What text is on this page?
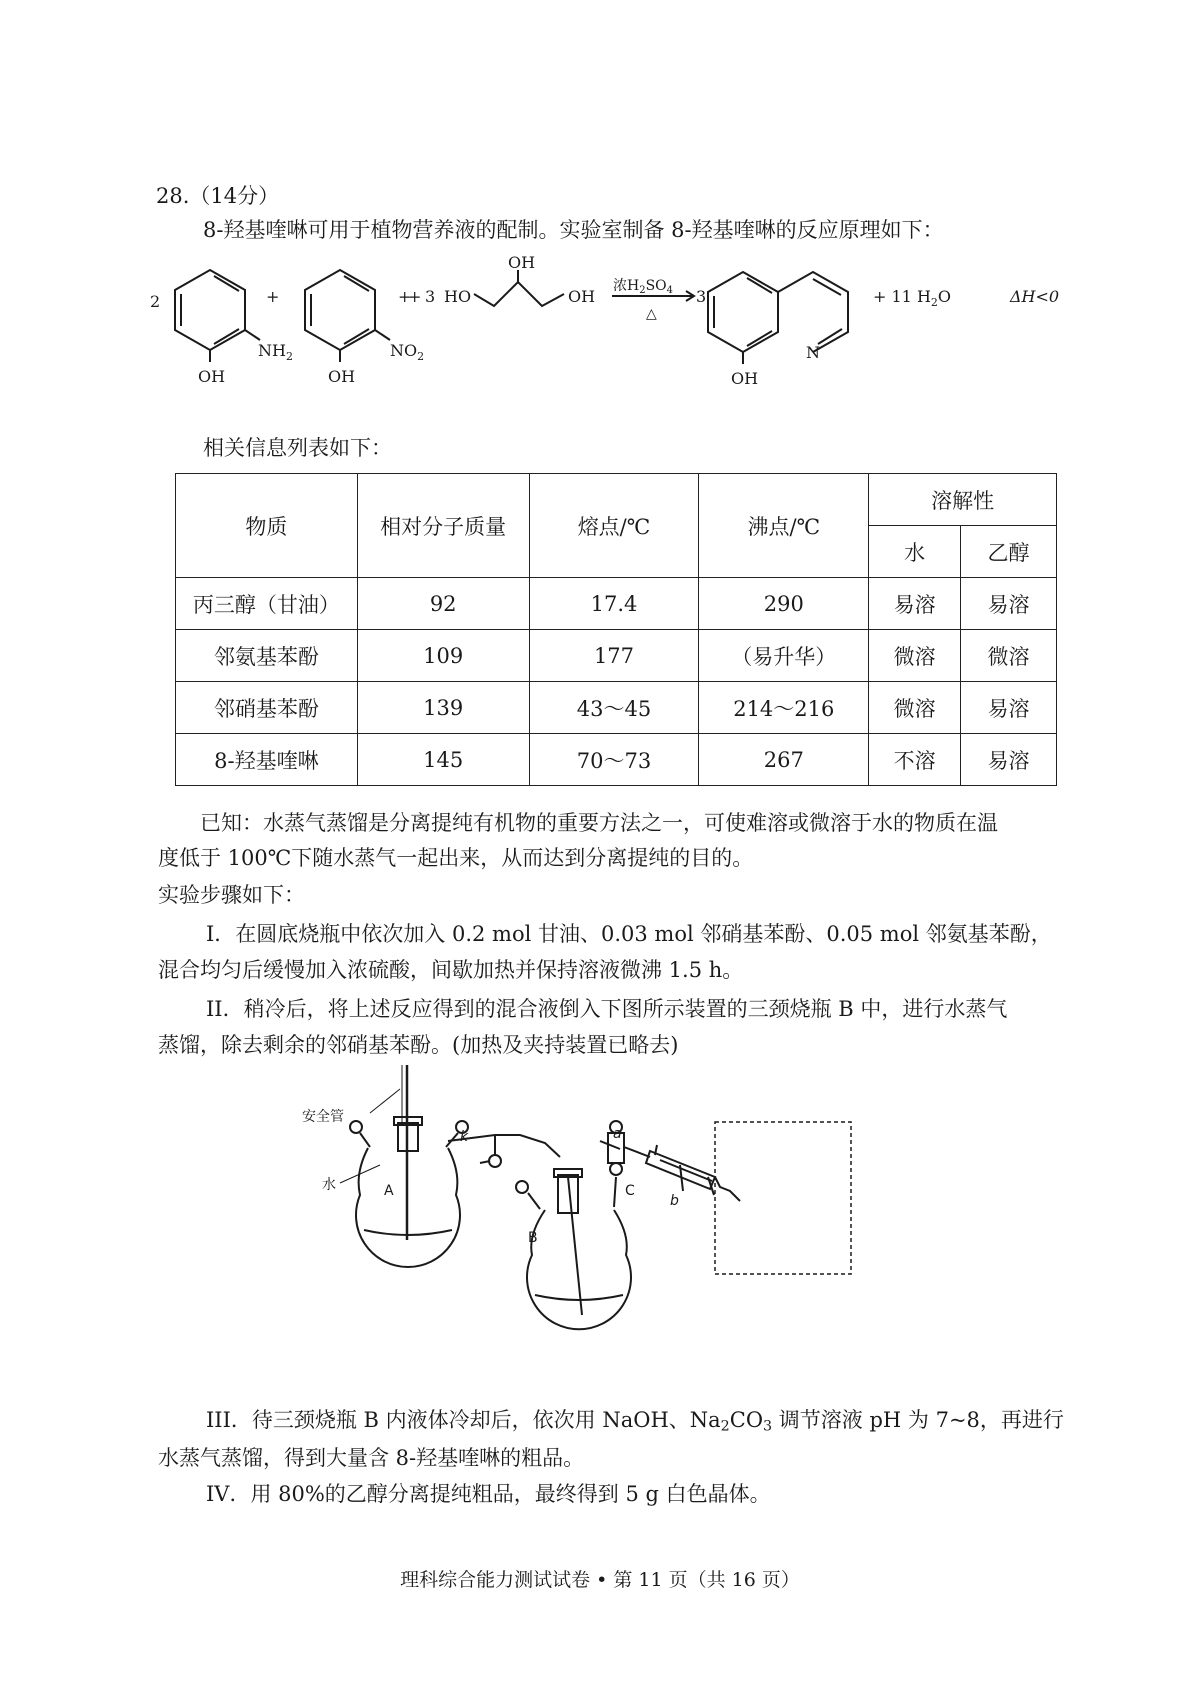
28.（14分）
8-羟基喹啉可用于植物营养液的配制。实验室制备 8-羟基喹啉的反应原理如下：
2	+
$NH_2$
OH
+
$NO_2$
OH
+ 3 HO
OH
OH
浓$H_2SO_4$
△
3
N
OH
+ 11 $H_2O$	ΔH<0
相关信息列表如下：
物质	相对分子质量	熔点/℃	沸点/℃	溶解性	
				水	乙醇
丙三醇（甘油）	92	17.4	290	易溶	易溶
邻氨基苯酚	109	177	（易升华）	微溶	微溶
邻硝基苯酚	139	43～45	214～216	微溶	易溶
8-羟基喹啉	145	70～73	267	不溶	易溶
已知：水蒸气蒸馏是分离提纯有机物的重要方法之一，可使难溶或微溶于水的物质在温
度低于 100℃下随水蒸气一起出来，从而达到分离提纯的目的。
实验步骤如下：
I．在圆底烧瓶中依次加入 0.2 mol 甘油、0.03 mol 邻硝基苯酚、0.05 mol 邻氨基苯酚，
混合均匀后缓慢加入浓硫酸，间歇加热并保持溶液微沸 1.5 h。
II．稍冷后，将上述反应得到的混合液倒入下图所示装置的三颈烧瓶 B 中，进行水蒸气
蒸馏，除去剩余的邻硝基苯酚。(加热及夹持装置已略去)
安全管
水	A
B
C
k	a
b
III．待三颈烧瓶 B 内液体冷却后，依次用 NaOH、$Na_2CO_3$ 调节溶液 pH 为 7~8，再进行
水蒸气蒸馏，得到大量含 8-羟基喹啉的粗品。
IV．用 80%的乙醇分离提纯粗品，最终得到 5 g 白色晶体。
理科综合能力测试试卷 • 第 11 页（共 16 页）
